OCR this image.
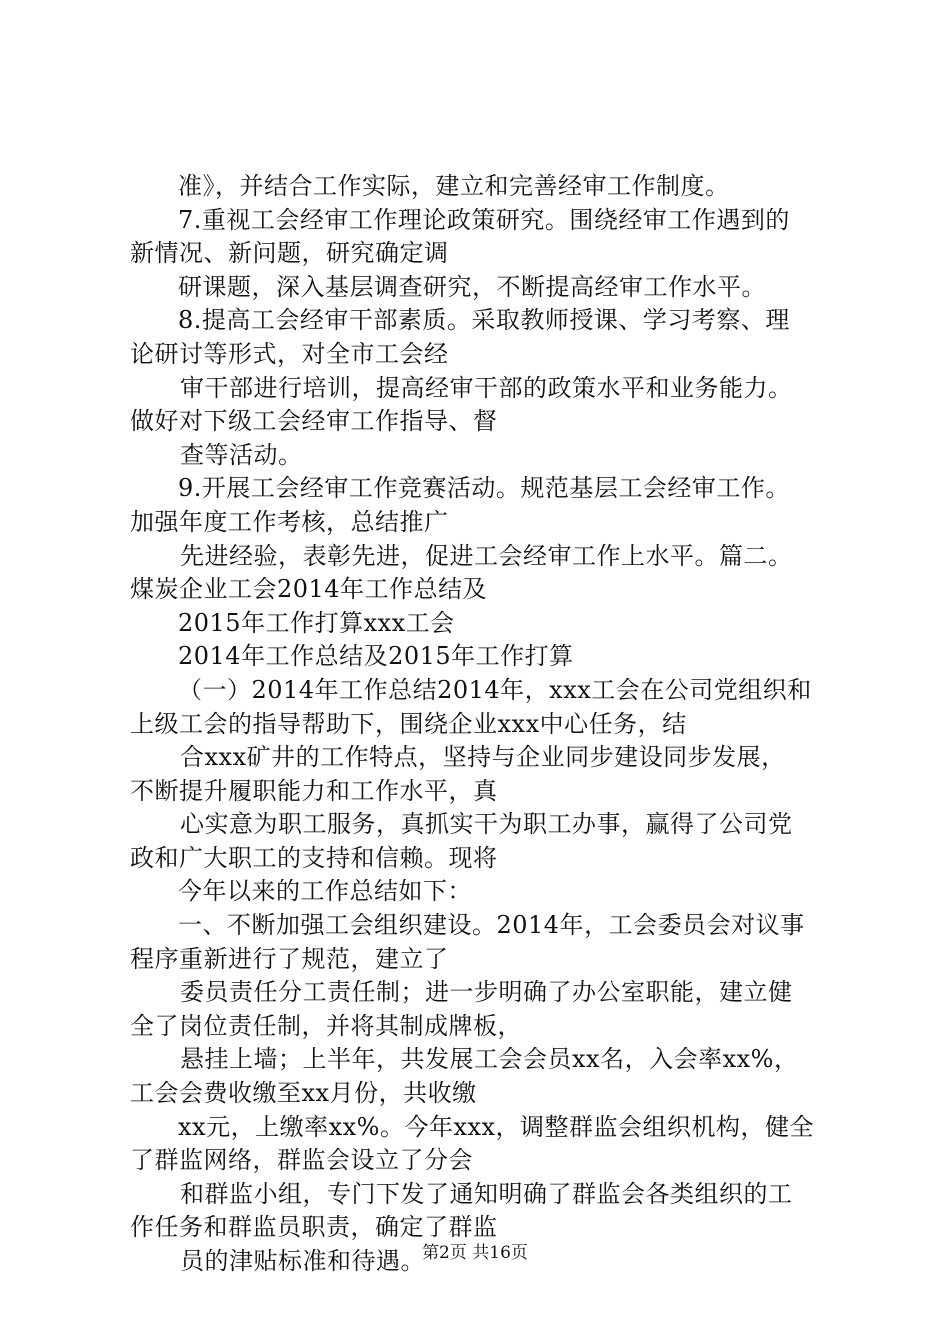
准》，并结合工作实际，建立和完善经审工作制度。
7.重视工会经审工作理论政策研究。围绕经审工作遇到的
新情况、新问题，研究确定调
研课题，深入基层调查研究，不断提高经审工作水平。
8.提高工会经审干部素质。采取教师授课、学习考察、理
论研讨等形式，对全市工会经
审干部进行培训，提高经审干部的政策水平和业务能力。
做好对下级工会经审工作指导、督
查等活动。
9.开展工会经审工作竞赛活动。规范基层工会经审工作。
加强年度工作考核，总结推广
先进经验，表彰先进，促进工会经审工作上水平。篇二。
煤炭企业工会2014年工作总结及
2015年工作打算xxx工会
2014年工作总结及2015年工作打算
（一）2014年工作总结2014年，xxx工会在公司党组织和
上级工会的指导帮助下，围绕企业xxx中心任务，结
合xxx矿井的工作特点，坚持与企业同步建设同步发展，
不断提升履职能力和工作水平，真
心实意为职工服务，真抓实干为职工办事，赢得了公司党
政和广大职工的支持和信赖。现将
今年以来的工作总结如下：
一、不断加强工会组织建设。2014年，工会委员会对议事
程序重新进行了规范，建立了
委员责任分工责任制；进一步明确了办公室职能，建立健
全了岗位责任制，并将其制成牌板，
悬挂上墙；上半年，共发展工会会员xx名，入会率xx%，
工会会费收缴至xx月份，共收缴
xx元，上缴率xx%。今年xxx，调整群监会组织机构，健全
了群监网络，群监会设立了分会
和群监小组，专门下发了通知明确了群监会各类组织的工
作任务和群监员职责，确定了群监
员的津贴标准和待遇。
第2页 共16页
